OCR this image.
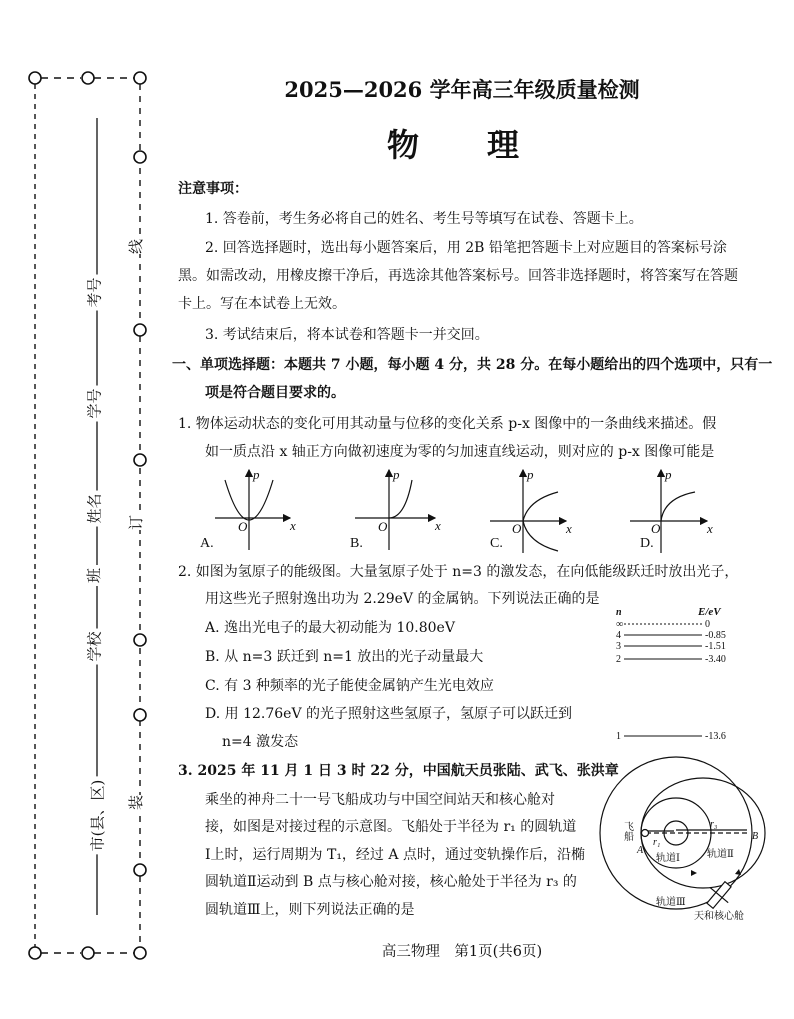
考号
学号
姓名
班
学校
市(县、区)
线
订
装
2025—2026 学年高三年级质量检测
物　理
注意事项：
1. 答卷前，考生务必将自己的姓名、考生号等填写在试卷、答题卡上。
2. 回答选择题时，选出每小题答案后，用 2B 铅笔把答题卡上对应题目的答案标号涂
黑。如需改动，用橡皮擦干净后，再选涂其他答案标号。回答非选择题时，将答案写在答题
卡上。写在本试卷上无效。
3. 考试结束后，将本试卷和答题卡一并交回。
一、单项选择题：本题共 7 小题，每小题 4 分，共 28 分。在每小题给出的四个选项中，只有一
项是符合题目要求的。
1. 物体运动状态的变化可用其动量与位移的变化关系 p-x 图像中的一条曲线来描述。假
如一质点沿 x 轴正方向做初速度为零的匀加速直线运动，则对应的 p-x 图像可能是
p
x
O
p
x
O
p
x
O
p
x
O
A.	B.	C.	D.
2. 如图为氢原子的能级图。大量氢原子处于 n=3 的激发态，在向低能级跃迁时放出光子，
用这些光子照射逸出功为 2.29eV 的金属钠。下列说法正确的是
A. 逸出光电子的最大初动能为 10.80eV
B. 从 n=3 跃迁到 n=1 放出的光子动量最大
C. 有 3 种频率的光子能使金属钠产生光电效应
D. 用 12.76eV 的光子照射这些氢原子，氢原子可以跃迁到
n=4 激发态
n	E/eV
∞	0
4	-0.85
3	-1.51
2	-3.40
1	-13.6
3. 2025 年 11 月 1 日 3 时 22 分，中国航天员张陆、武飞、张洪章
乘坐的神舟二十一号飞船成功与中国空间站天和核心舱对
接，如图是对接过程的示意图。飞船处于半径为 r₁ 的圆轨道
Ⅰ上时，运行周期为 T₁，经过 A 点时，通过变轨操作后，沿椭
圆轨道Ⅱ运动到 B 点与核心舱对接，核心舱处于半径为 r₃ 的
圆轨道Ⅲ上，则下列说法正确的是
飞船
A
B
r₁
r₃
轨道Ⅰ	轨道Ⅱ
轨道Ⅲ
天和核心舱
高三物理　第1页(共6页)
